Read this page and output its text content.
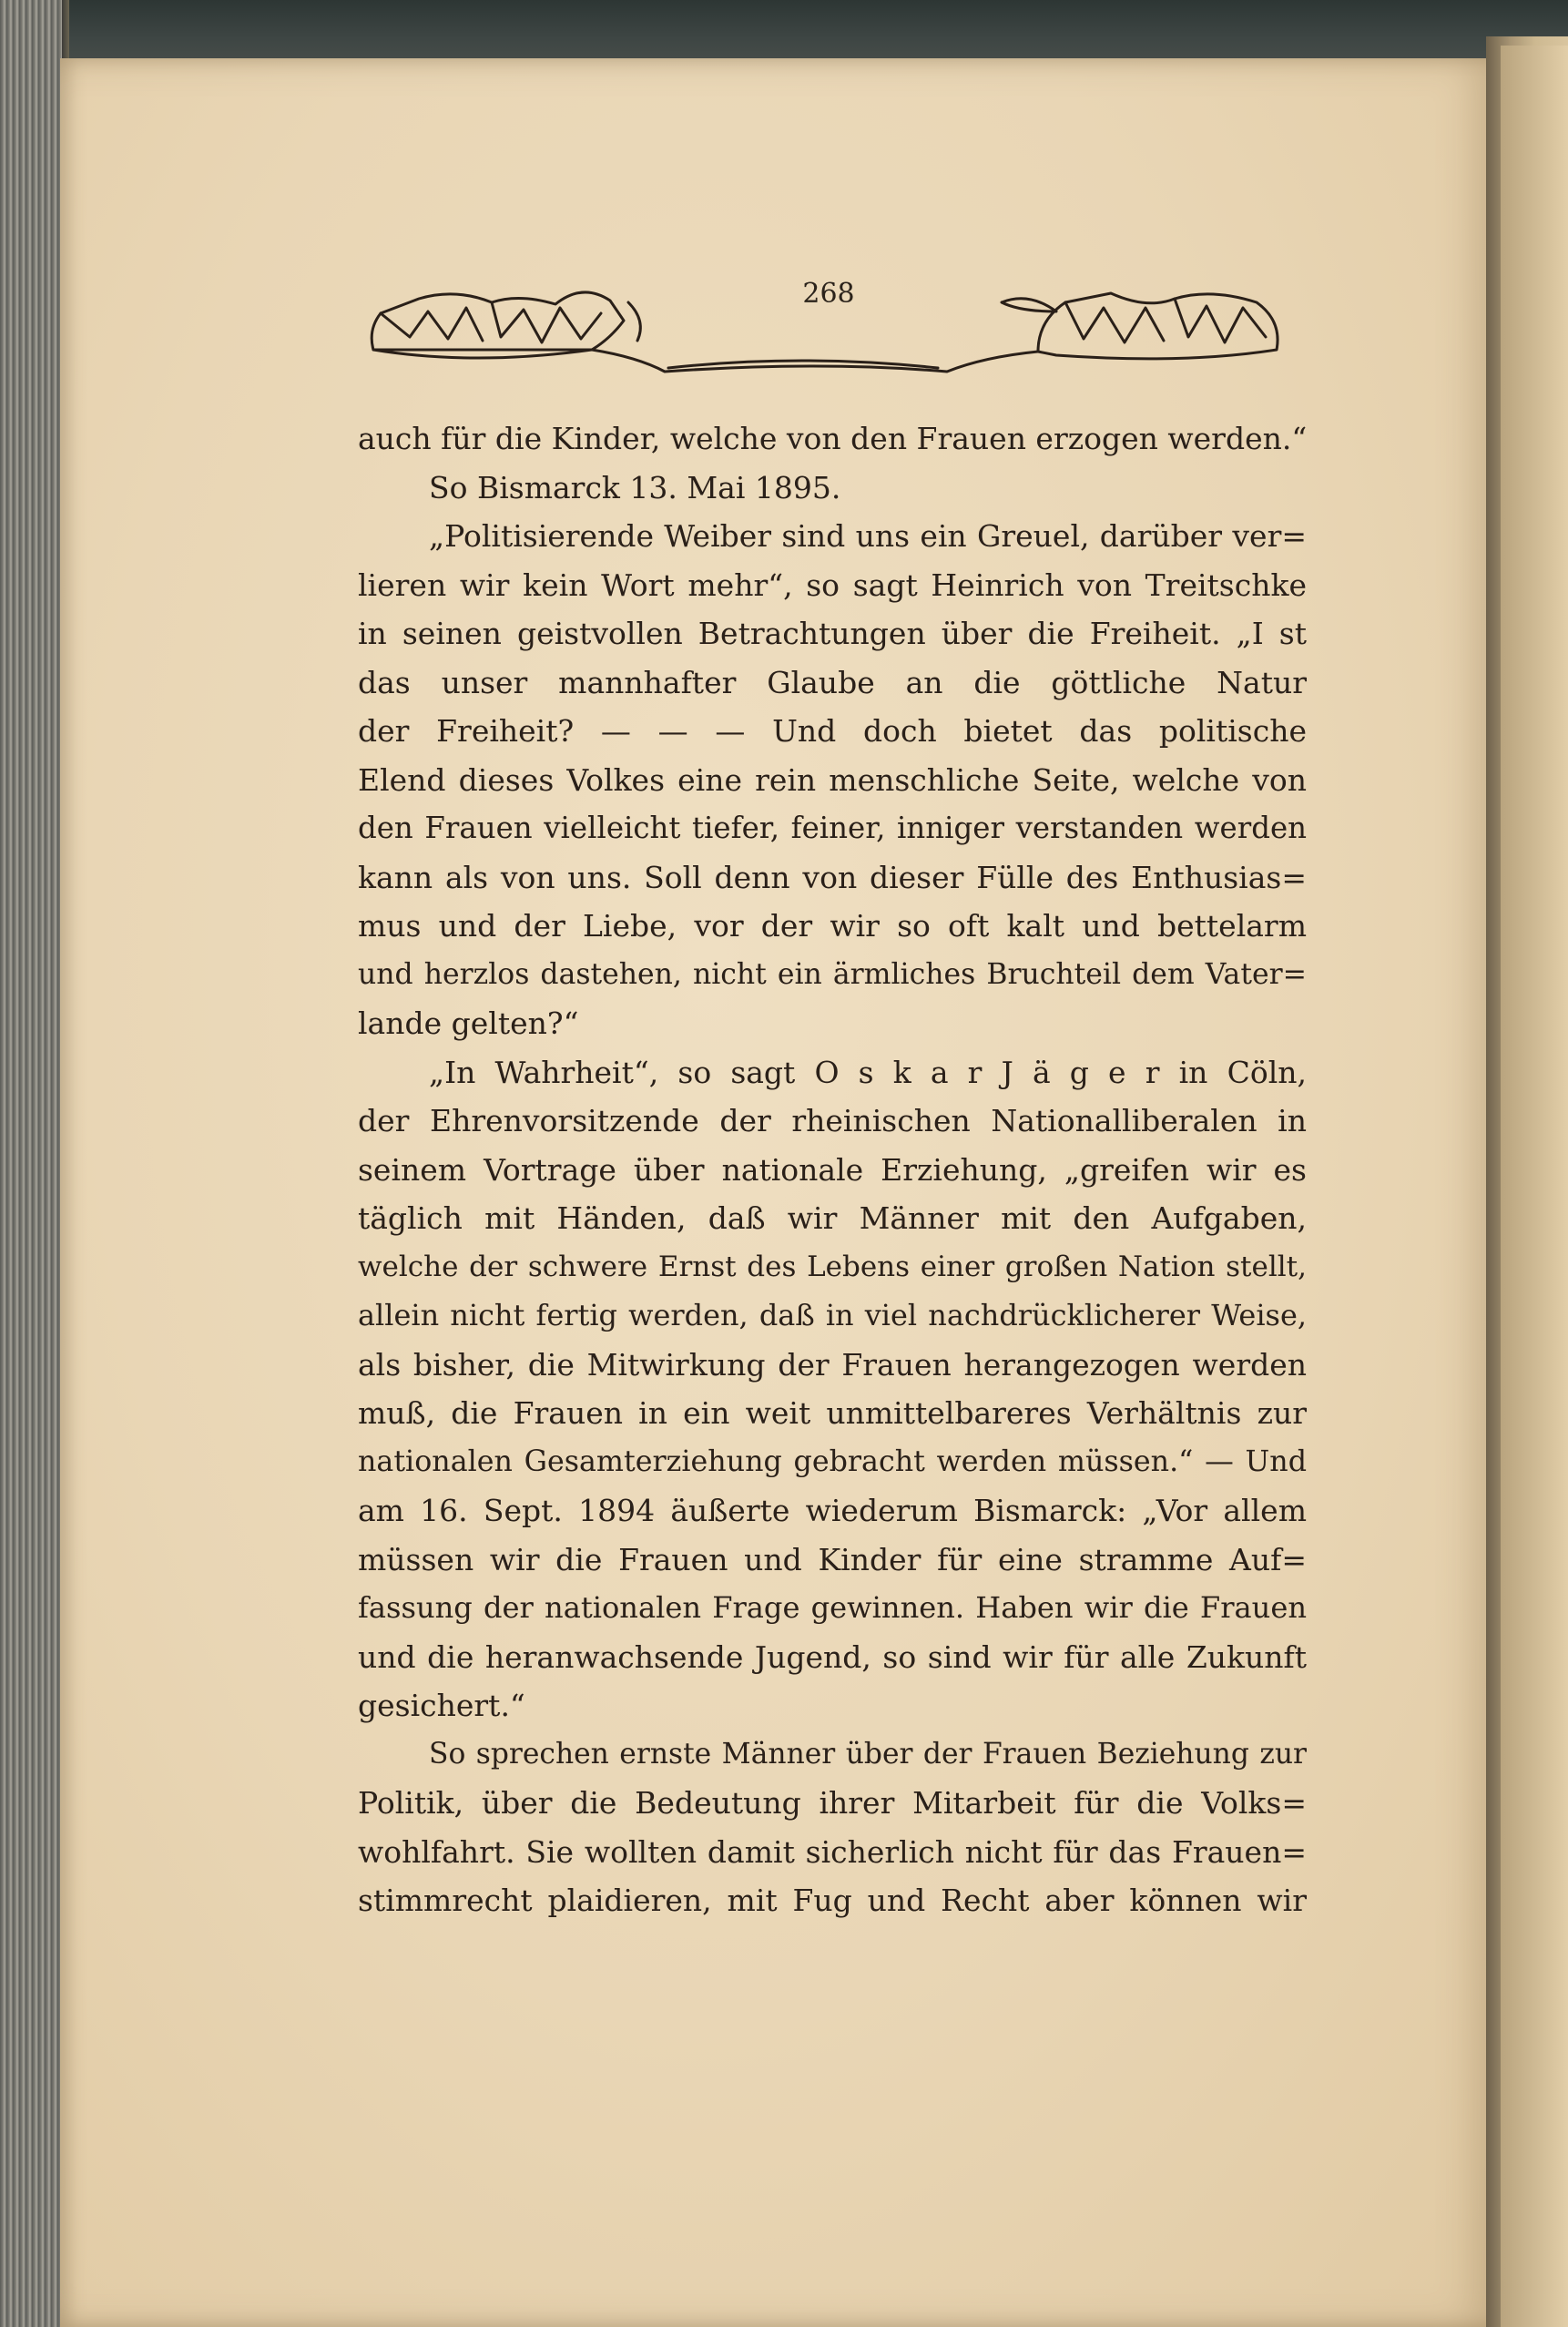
268
auch für die Kinder, welche von den Frauen erzogen werden.“
So Bismarck 13. Mai 1895.
„Politisierende Weiber sind uns ein Greuel, darüber ver=
lieren wir kein Wort mehr“, so sagt Heinrich von Treitschke
in seinen geistvollen Betrachtungen über die Freiheit. „I st
das unser mannhafter Glaube an die göttliche Natur
der Freiheit? — — — Und doch bietet das politische
Elend dieses Volkes eine rein menschliche Seite, welche von
den Frauen vielleicht tiefer, feiner, inniger verstanden werden
kann als von uns. Soll denn von dieser Fülle des Enthusias=
mus und der Liebe, vor der wir so oft kalt und bettelarm
und herzlos dastehen, nicht ein ärmliches Bruchteil dem Vater=
lande gelten?“
„In Wahrheit“, so sagt O s k a r J ä g e r in Cöln,
der Ehrenvorsitzende der rheinischen Nationalliberalen in
seinem Vortrage über nationale Erziehung, „greifen wir es
täglich mit Händen, daß wir Männer mit den Aufgaben,
welche der schwere Ernst des Lebens einer großen Nation stellt,
allein nicht fertig werden, daß in viel nachdrücklicherer Weise,
als bisher, die Mitwirkung der Frauen herangezogen werden
muß, die Frauen in ein weit unmittelbareres Verhältnis zur
nationalen Gesamterziehung gebracht werden müssen.“ — Und
am 16. Sept. 1894 äußerte wiederum Bismarck: „Vor allem
müssen wir die Frauen und Kinder für eine stramme Auf=
fassung der nationalen Frage gewinnen. Haben wir die Frauen
und die heranwachsende Jugend, so sind wir für alle Zukunft
gesichert.“
So sprechen ernste Männer über der Frauen Beziehung zur
Politik, über die Bedeutung ihrer Mitarbeit für die Volks=
wohlfahrt. Sie wollten damit sicherlich nicht für das Frauen=
stimmrecht plaidieren, mit Fug und Recht aber können wir
